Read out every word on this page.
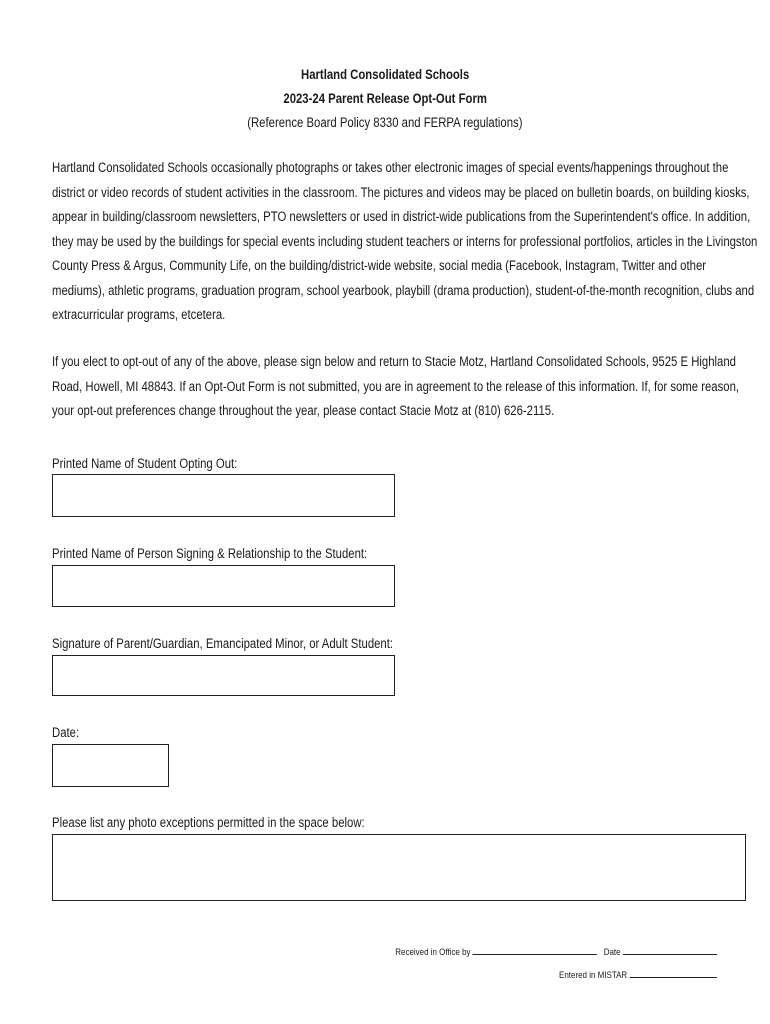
Hartland Consolidated Schools
2023-24 Parent Release Opt-Out Form
(Reference Board Policy 8330 and FERPA regulations)

Hartland Consolidated Schools occasionally photographs or takes other electronic images of special events/happenings throughout the

district or video records of student activities in the classroom. The pictures and videos may be placed on bulletin boards, on building kiosks,

appear in building/classroom newsletters, PTO newsletters or used in district-wide publications from the Superintendent's office. In addition,

they may be used by the buildings for special events including student teachers or interns for professional portfolios, articles in the Livingston

County Press & Argus, Community Life, on the building/district-wide website, social media (Facebook, Instagram, Twitter and other

mediums), athletic programs, graduation program, school yearbook, playbill (drama production), student-of-the-month recognition, clubs and

extracurricular programs, etcetera.

If you elect to opt-out of any of the above, please sign below and return to Stacie Motz, Hartland Consolidated Schools, 9525 E Highland

Road, Howell, MI 48843. If an Opt-Out Form is not submitted, you are in agreement to the release of this information. If, for some reason,

your opt-out preferences change throughout the year, please contact Stacie Motz at (810) 626-2115.

Printed Name of Student Opting Out:
Printed Name of Person Signing & Relationship to the Student:
Signature of Parent/Guardian, Emancipated Minor, or Adult Student:
Date:
Please list any photo exceptions permitted in the space below:
Received in Office by	Date
Entered in MISTAR
